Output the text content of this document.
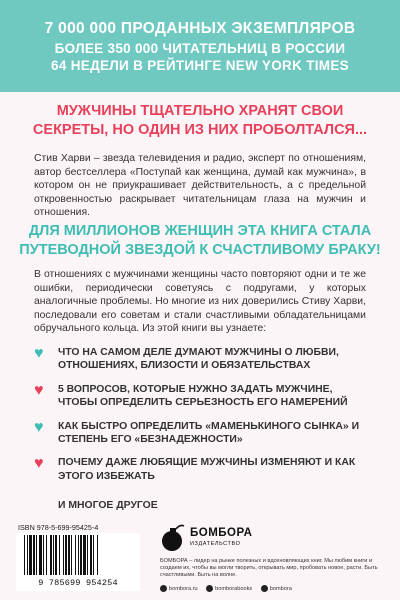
7 000 000 ПРОДАННЫХ ЭКЗЕМПЛЯРОВ
БОЛЕЕ 350 000 ЧИТАТЕЛЬНИЦ В РОССИИ
64 НЕДЕЛИ В РЕЙТИНГЕ NEW YORK TIMES
МУЖЧИНЫ ТЩАТЕЛЬНО ХРАНЯТ СВОИ СЕКРЕТЫ, НО ОДИН ИЗ НИХ ПРОБОЛТАЛСЯ...
Стив Харви – звезда телевидения и радио, эксперт по отношениям, автор бестселлера «Поступай как женщина, думай как мужчина», в котором он не приукрашивает действительность, а с предельной откровенностью раскрывает читательницам глаза на мужчин и отношения.
ДЛЯ МИЛЛИОНОВ ЖЕНЩИН ЭТА КНИГА СТАЛА ПУТЕВОДНОЙ ЗВЕЗДОЙ К СЧАСТЛИВОМУ БРАКУ!
В отношениях с мужчинами женщины часто повторяют одни и те же ошибки, периодически советуясь с подругами, у которых аналогичные проблемы. Но многие из них доверились Стиву Харви, последовали его советам и стали счастливыми обладательницами обручального кольца. Из этой книги вы узнаете:
♥ ЧТО НА САМОМ ДЕЛЕ ДУМАЮТ МУЖЧИНЫ О ЛЮБВИ, ОТНОШЕНИЯХ, БЛИЗОСТИ И ОБЯЗАТЕЛЬСТВАХ
♥ 5 ВОПРОСОВ, КОТОРЫЕ НУЖНО ЗАДАТЬ МУЖЧИНЕ, ЧТОБЫ ОПРЕДЕЛИТЬ СЕРЬЕЗНОСТЬ ЕГО НАМЕРЕНИЙ
♥ КАК БЫСТРО ОПРЕДЕЛИТЬ «МАМЕНЬКИНОГО СЫНКА» И СТЕПЕНЬ ЕГО «БЕЗНАДЕЖНОСТИ»
♥ ПОЧЕМУ ДАЖЕ ЛЮБЯЩИЕ МУЖЧИНЫ ИЗМЕНЯЮТ И КАК ЭТОГО ИЗБЕЖАТЬ
И МНОГОЕ ДРУГОЕ
ISBN 978-5-699-95425-4
9 785699 954254
БОМБОРА
ИЗДАТЕЛЬСТВО
БОМБОРА – лидер на рынке полезных и вдохновляющих книг. Мы любим книги и создаем их, чтобы вы могли творить, открывать мир, пробовать новое, расти. Быть счастливыми. Быть на волне.
bombora.ru	bomborabooks	bombora
